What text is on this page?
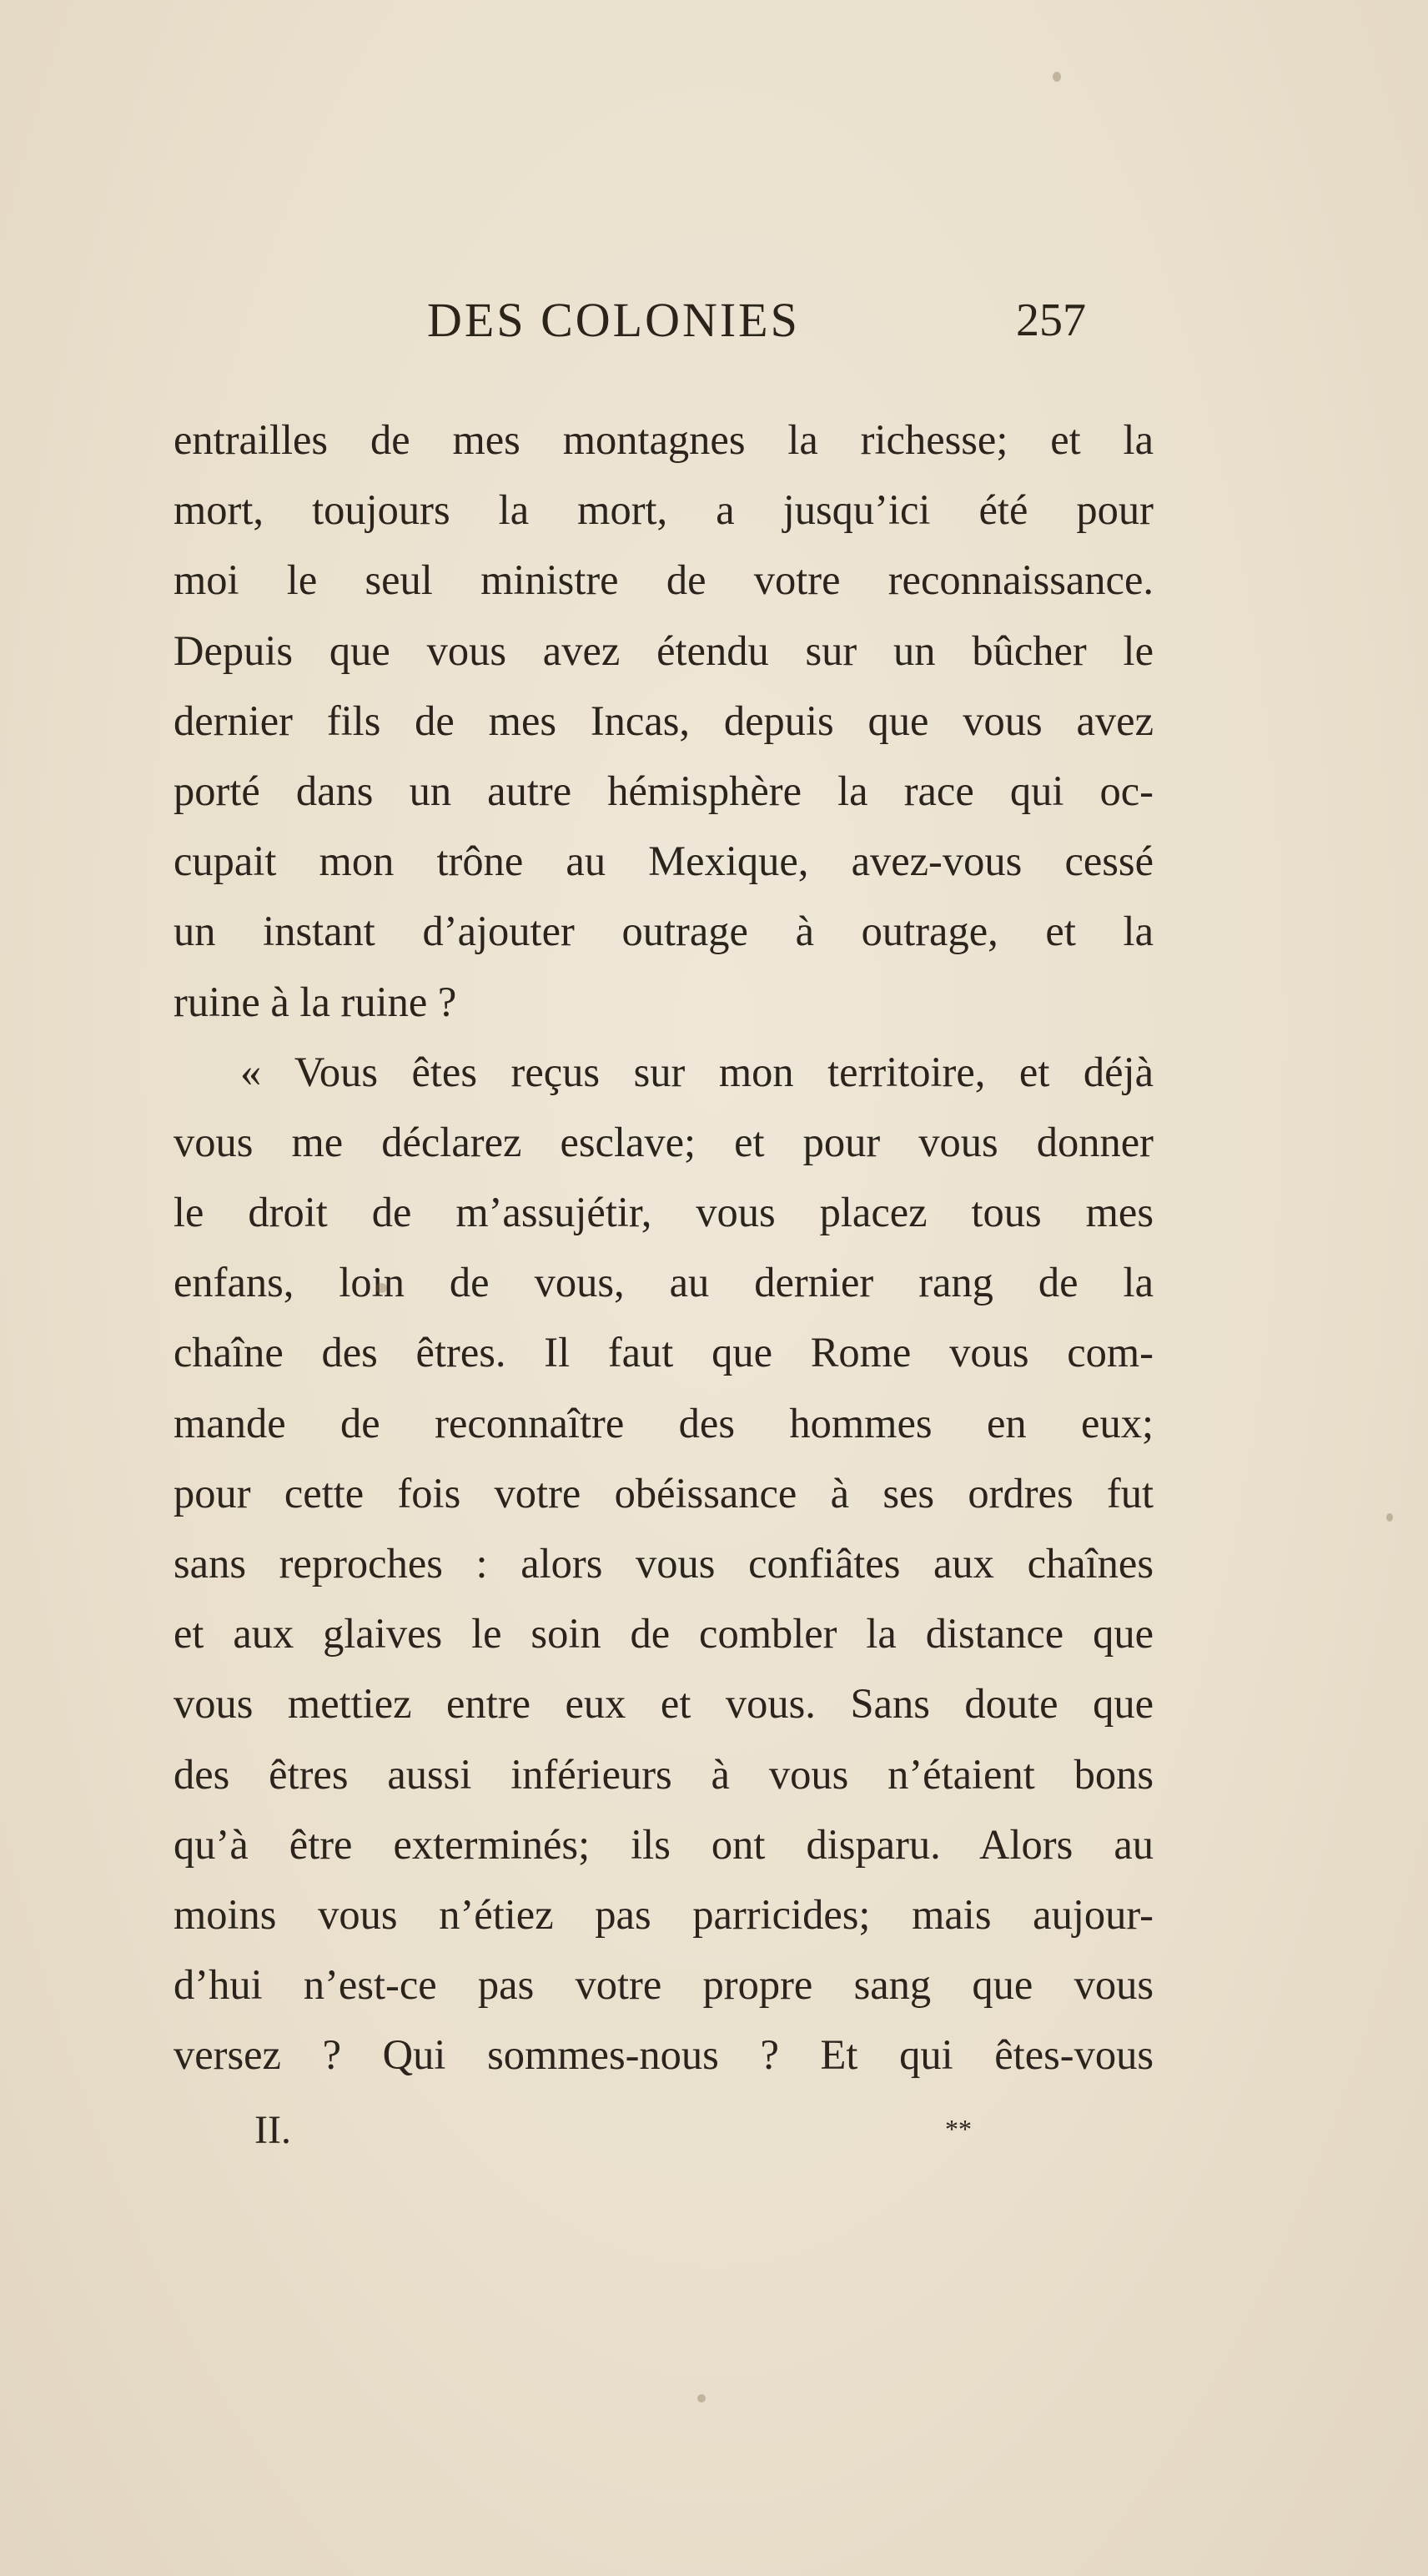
DES COLONIES	257
entrailles de mes montagnes la richesse; et la
mort, toujours la mort, a jusqu’ici été pour
moi le seul ministre de votre reconnaissance.
Depuis que vous avez étendu sur un bûcher le
dernier fils de mes Incas, depuis que vous avez
porté dans un autre hémisphère la race qui oc-
cupait mon trône au Mexique, avez-vous cessé
un instant d’ajouter outrage à outrage, et la
ruine à la ruine ?
« Vous êtes reçus sur mon territoire, et déjà
vous me déclarez esclave; et pour vous donner
le droit de m’assujétir, vous placez tous mes
enfans, loin de vous, au dernier rang de la
chaîne des êtres. Il faut que Rome vous com-
mande de reconnaître des hommes en eux;
pour cette fois votre obéissance à ses ordres fut
sans reproches : alors vous confiâtes aux chaînes
et aux glaives le soin de combler la distance que
vous mettiez entre eux et vous. Sans doute que
des êtres aussi inférieurs à vous n’étaient bons
qu’à être exterminés; ils ont disparu. Alors au
moins vous n’étiez pas parricides; mais aujour-
d’hui n’est-ce pas votre propre sang que vous
versez ? Qui sommes-nous ? Et qui êtes-vous
II.	**
